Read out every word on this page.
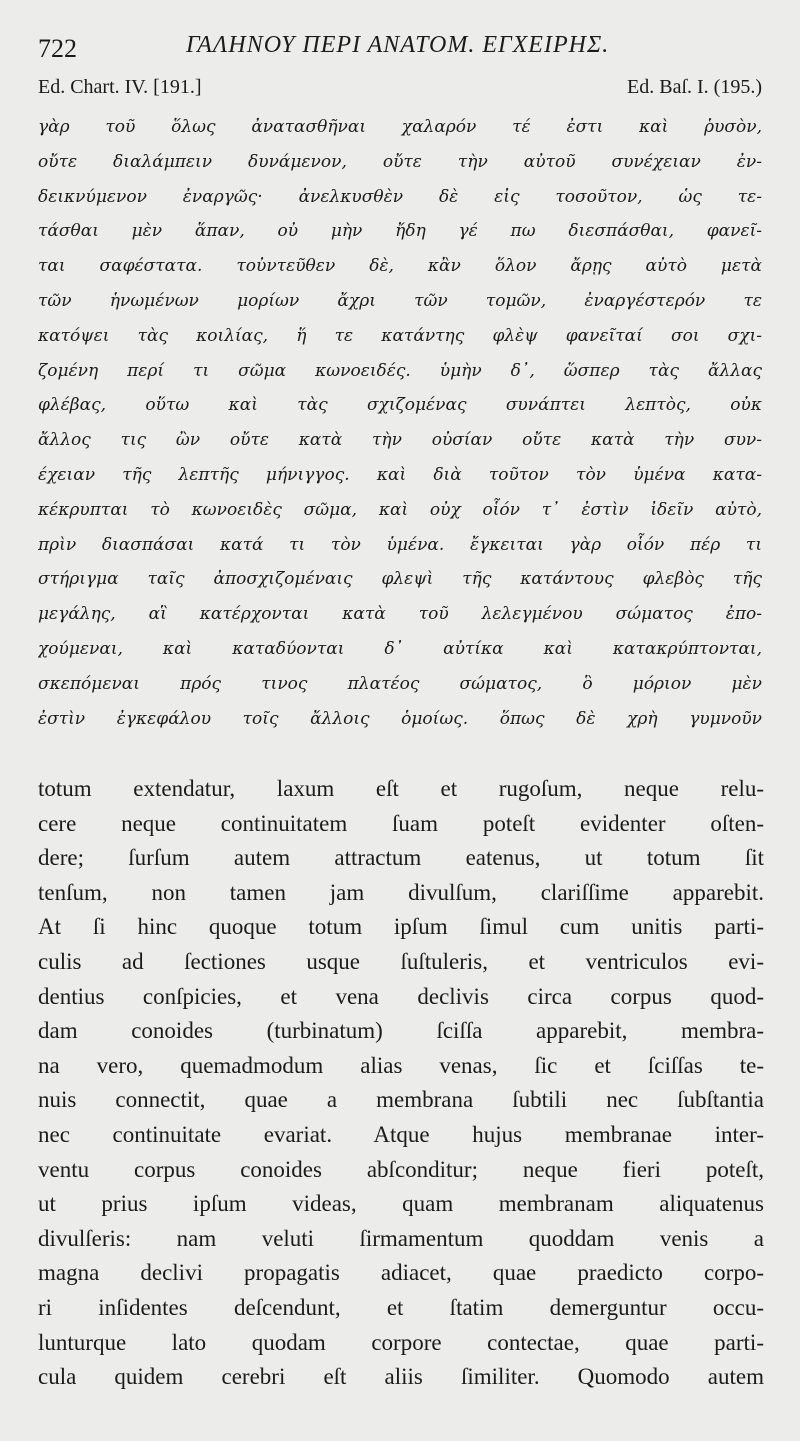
722	ΓΑΛΗΝΟΥ ΠΕΡΙ ΑΝΑΤΟΜ. ΕΓΧΕΙΡΗΣ.
Ed. Chart. IV. [191.]	Ed. Baſ. I. (195.)
γὰρ τοῦ ὅλως ἀνατασθῆναι χαλαρόν τέ ἐστι καὶ ῥυσὸν,
οὔτε διαλάμπειν δυνάμενον, οὔτε τὴν αὐτοῦ συνέχειαν ἐν-
δεικνύμενον ἐναργῶς· ἀνελκυσθὲν δὲ εἰς τοσοῦτον, ὡς τε-
τάσθαι μὲν ἅπαν, οὐ μὴν ἤδη γέ πω διεσπάσθαι, φανεῖ-
ται σαφέστατα. τοὐντεῦθεν δὲ, κἂν ὅλον ἄρῃς αὐτὸ μετὰ
τῶν ἡνωμένων μορίων ἄχρι τῶν τομῶν, ἐναργέστερόν τε
κατόψει τὰς κοιλίας, ἥ τε κατάντης φλὲψ φανεῖταί σοι σχι-
ζομένη περί τι σῶμα κωνοειδές. ὑμὴν δ᾽, ὥσπερ τὰς ἄλλας
φλέβας, οὕτω καὶ τὰς σχιζομένας συνάπτει λεπτὸς, οὐκ
ἄλλος τις ὢν οὔτε κατὰ τὴν οὐσίαν οὔτε κατὰ τὴν συν-
έχειαν τῆς λεπτῆς μήνιγγος. καὶ διὰ τοῦτον τὸν ὑμένα κατα-
κέκρυπται τὸ κωνοειδὲς σῶμα, καὶ οὐχ οἷόν τ᾽ ἐστὶν ἰδεῖν αὐτὸ,
πρὶν διασπάσαι κατά τι τὸν ὑμένα. ἔγκειται γὰρ οἷόν πέρ τι
στήριγμα ταῖς ἀποσχιζομέναις φλεψὶ τῆς κατάντους φλεβὸς τῆς
μεγάλης, αἳ κατέρχονται κατὰ τοῦ λελεγμένου σώματος ἐπο-
χούμεναι, καὶ καταδύονται δ᾽ αὐτίκα καὶ κατακρύπτονται,
σκεπόμεναι πρός τινος πλατέος σώματος, ὃ μόριον μὲν
ἐστὶν ἐγκεφάλου τοῖς ἄλλοις ὁμοίως. ὅπως δὲ χρὴ γυμνοῦν
totum extendatur, laxum eſt et rugoſum, neque relu-
cere neque continuitatem ſuam poteſt evidenter oſten-
dere; ſurſum autem attractum eatenus, ut totum ſit
tenſum, non tamen jam divulſum, clariſſime apparebit.
At ſi hinc quoque totum ipſum ſimul cum unitis parti-
culis ad ſectiones usque ſuſtuleris, et ventriculos evi-
dentius conſpicies, et vena declivis circa corpus quod-
dam conoides (turbinatum) ſciſſa apparebit, membra-
na vero, quemadmodum alias venas, ſic et ſciſſas te-
nuis connectit, quae a membrana ſubtili nec ſubſtantia
nec continuitate evariat. Atque hujus membranae inter-
ventu corpus conoides abſconditur; neque fieri poteſt,
ut prius ipſum videas, quam membranam aliquatenus
divulſeris: nam veluti ſirmamentum quoddam venis a
magna declivi propagatis adiacet, quae praedicto corpo-
ri inſidentes deſcendunt, et ſtatim demerguntur occu-
lunturque lato quodam corpore contectae, quae parti-
cula quidem cerebri eſt aliis ſimiliter. Quomodo autem
